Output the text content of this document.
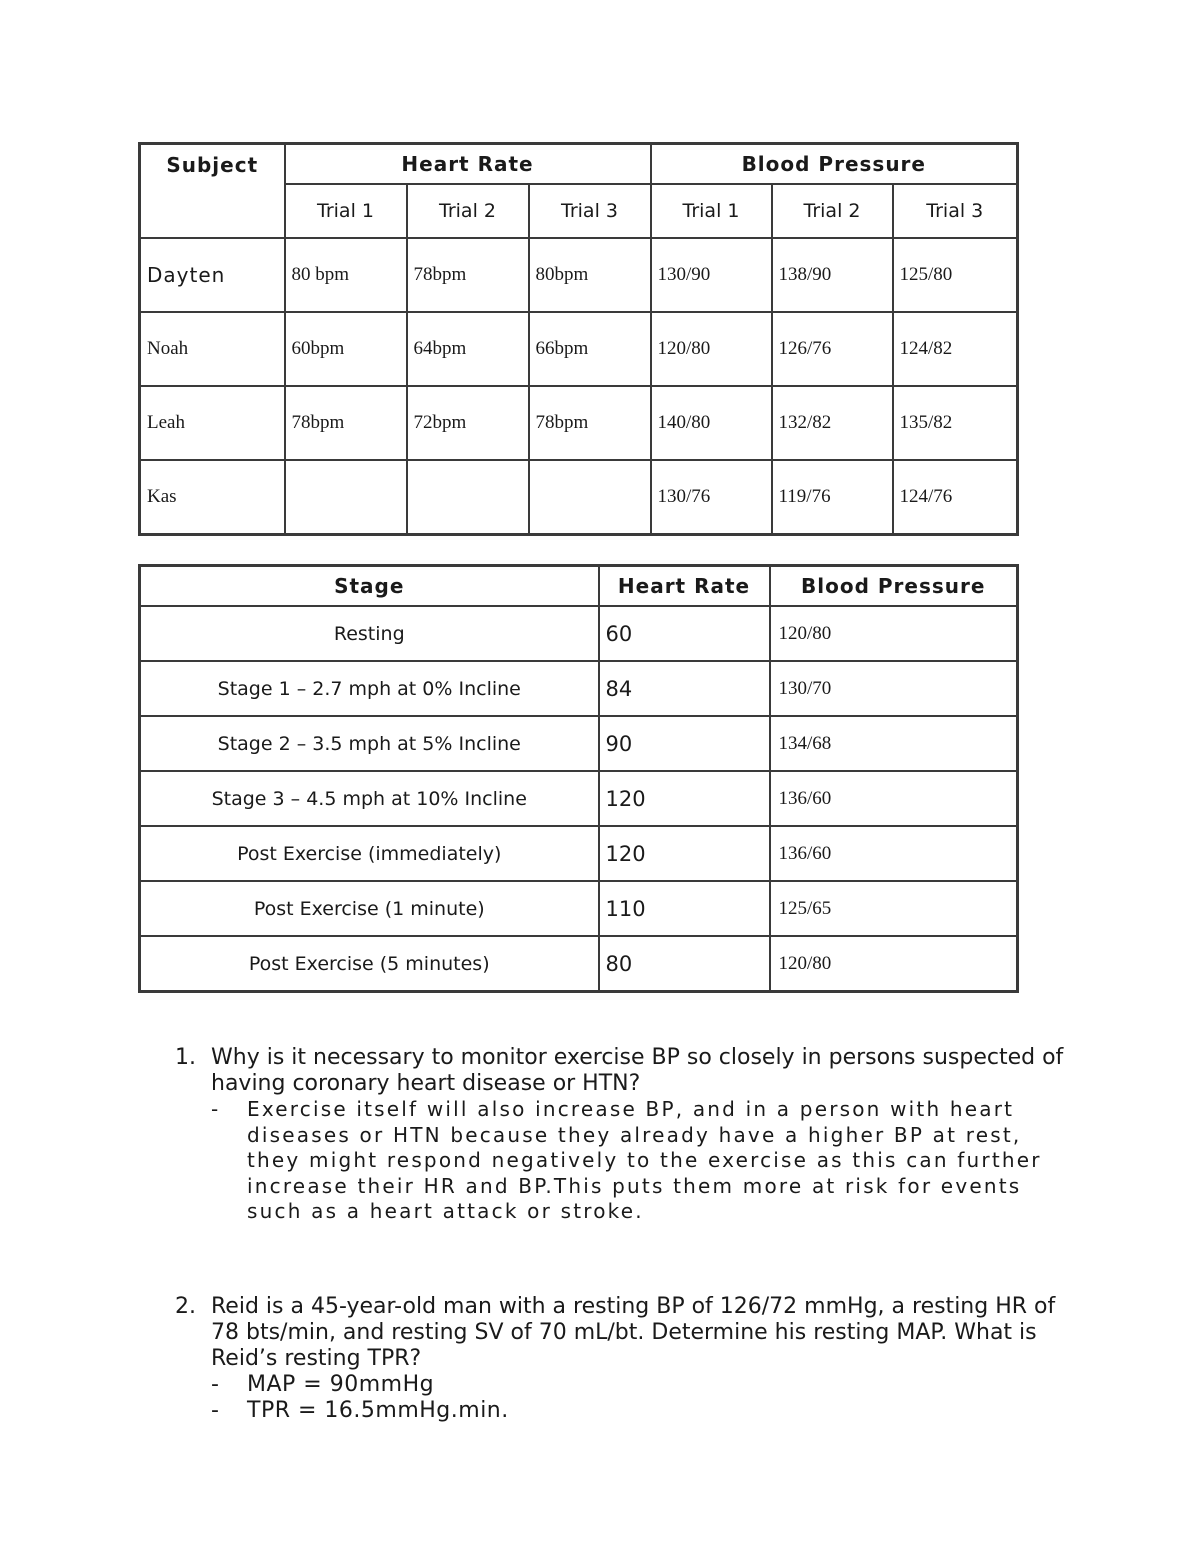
Subject	Heart Rate			Blood Pressure		
	Trial 1	Trial 2	Trial 3	Trial 1	Trial 2	Trial 3
Dayten	80 bpm	78bpm	80bpm	130/90	138/90	125/80
Noah	60bpm	64bpm	66bpm	120/80	126/76	124/82
Leah	78bpm	72bpm	78bpm	140/80	132/82	135/82
Kas				130/76	119/76	124/76
Stage	Heart Rate	Blood Pressure
Resting	60	120/80
Stage 1 – 2.7 mph at 0% Incline	84	130/70
Stage 2 – 3.5 mph at 5% Incline	90	134/68
Stage 3 – 4.5 mph at 10% Incline	120	136/60
Post Exercise (immediately)	120	136/60
Post Exercise (1 minute)	110	125/65
Post Exercise (5 minutes)	80	120/80
1. Why is it necessary to monitor exercise BP so closely in persons suspected of having coronary heart disease or HTN?
- Exercise itself will also increase BP, and in a person with heart diseases or HTN because they already have a higher BP at rest, they might respond negatively to the exercise as this can further increase their HR and BP.This puts them more at risk for events such as a heart attack or stroke.
2. Reid is a 45-year-old man with a resting BP of 126/72 mmHg, a resting HR of 78 bts/min, and resting SV of 70 mL/bt. Determine his resting MAP. What is Reid’s resting TPR?
- MAP = 90mmHg
- TPR = 16.5mmHg.min.
